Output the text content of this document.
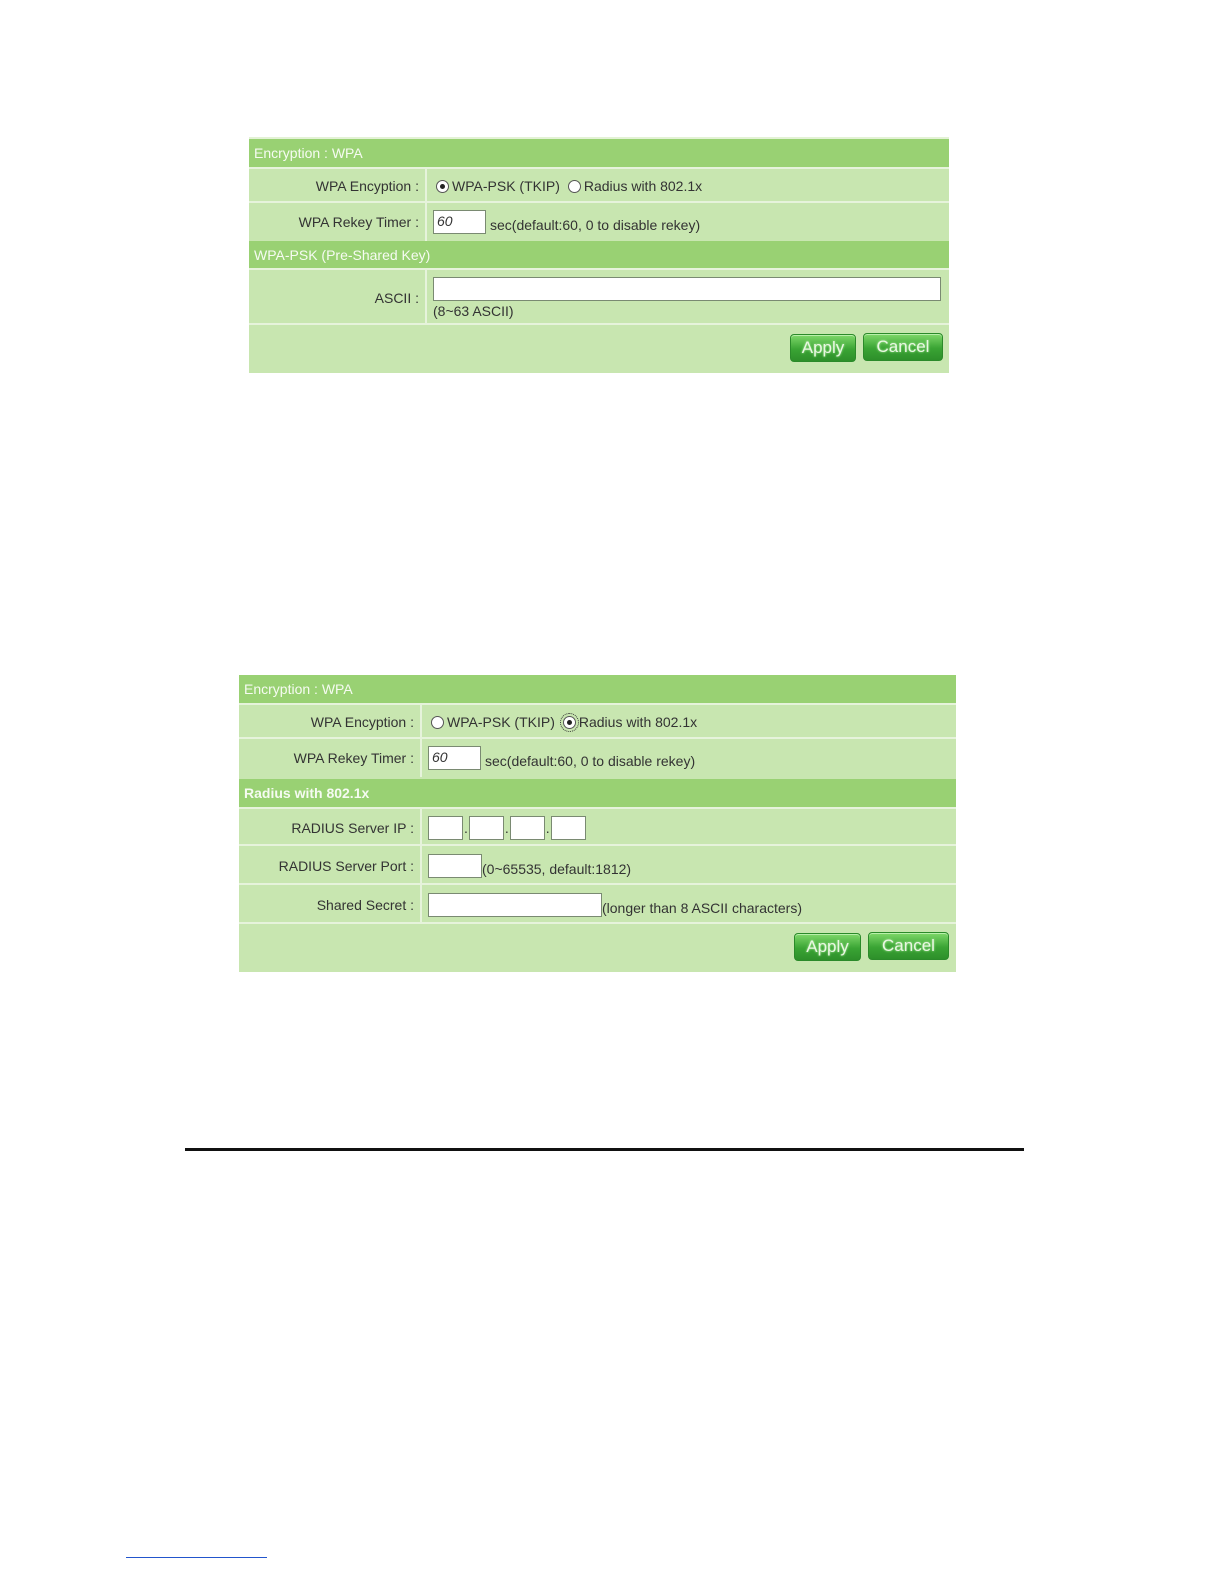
Encryption : WPA
WPA Encyption :	WPA-PSK (TKIP) Radius with 802.1x
WPA Rekey Timer :	60	sec(default:60, 0 to disable rekey)
WPA-PSK (Pre-Shared Key)
ASCII :
(8~63 ASCII)
Apply	Cancel
Encryption : WPA
WPA Encyption :	WPA-PSK (TKIP) Radius with 802.1x
WPA Rekey Timer :	60	sec(default:60, 0 to disable rekey)
Radius with 802.1x
RADIUS Server IP :	.	.	.
RADIUS Server Port :	(0~65535, default:1812)
Shared Secret :	(longer than 8 ASCII characters)
Apply	Cancel
